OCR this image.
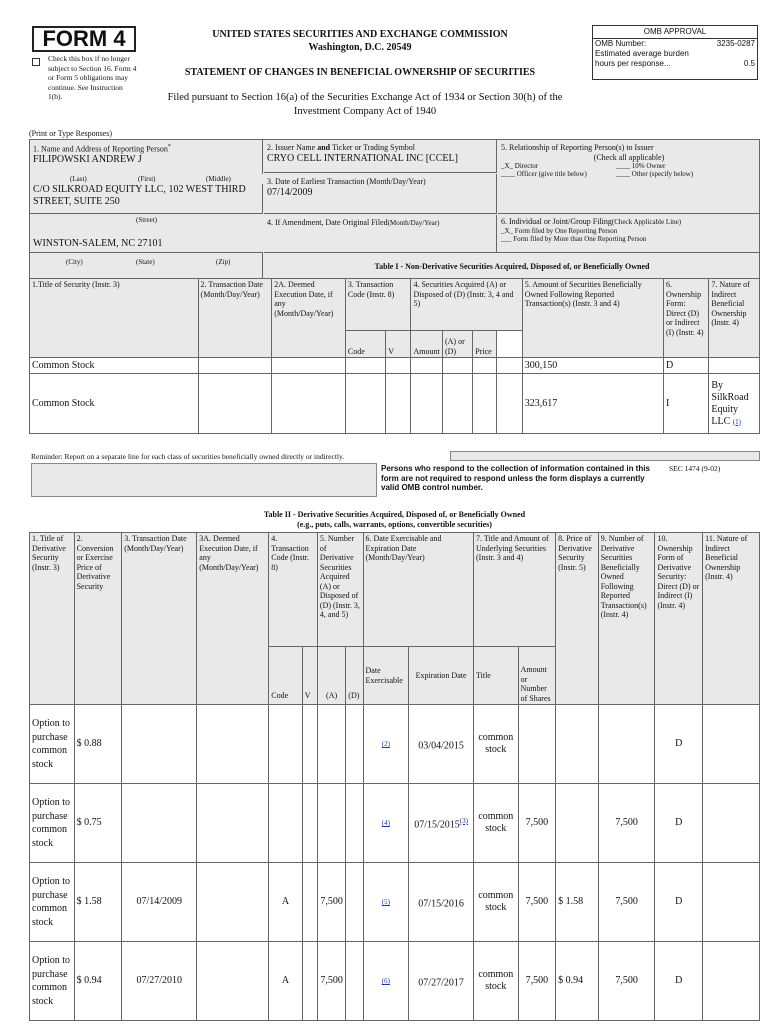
FORM 4
Check this box if no longer subject to Section 16. Form 4 or Form 5 obligations may continue. See Instruction 1(b).
UNITED STATES SECURITIES AND EXCHANGE COMMISSION
Washington, D.C. 20549
STATEMENT OF CHANGES IN BENEFICIAL OWNERSHIP OF SECURITIES
Filed pursuant to Section 16(a) of the Securities Exchange Act of 1934 or Section 30(h) of the
Investment Company Act of 1940
OMB APPROVAL
OMB Number:	3235-0287
Estimated average burden
hours per response...	0.5
(Print or Type Responses)
1. Name and Address of Reporting Person*
FILIPOWSKI ANDREW J
(Last)	(First)	(Middle)
C/O SILKROAD EQUITY LLC, 102 WEST THIRD STREET, SUITE 250
(Street)
WINSTON-SALEM, NC 27101
(City)	(State)	(Zip)
2. Issuer Name and Ticker or Trading Symbol
CRYO CELL INTERNATIONAL INC [CCEL]
3. Date of Earliest Transaction (Month/Day/Year)
07/14/2009
4. If Amendment, Date Original Filed(Month/Day/Year)
5. Relationship of Reporting Person(s) to Issuer
(Check all applicable)
_X_ Director	____ 10% Owner
____ Officer (give title below)	____ Other (specify below)
6. Individual or Joint/Group Filing(Check Applicable Line)
_X_ Form filed by One Reporting Person
___ Form filed by More than One Reporting Person
Table I - Non-Derivative Securities Acquired, Disposed of, or Beneficially Owned
1.Title of Security (Instr. 3)	2. Transaction Date (Month/Day/Year)	2A. Deemed Execution Date, if any (Month/Day/Year)	3. Transaction Code (Instr. 8)		4. Securities Acquired (A) or Disposed of (D) (Instr. 3, 4 and 5)				5. Amount of Securities Beneficially Owned Following Reported Transaction(s) (Instr. 3 and 4)	6. Ownership Form: Direct (D) or Indirect (I) (Instr. 4)	7. Nature of Indirect Beneficial Ownership (Instr. 4)
			Code	V	Amount	(A) or (D)	Price				
Common Stock									300,150	D	
Common Stock									323,617	I	By SilkRoad Equity LLC (1)
Reminder: Report on a separate line for each class of securities beneficially owned directly or indirectly.
Persons who respond to the collection of information contained in this form are not required to respond unless the form displays a currently valid OMB control number.
SEC 1474 (9-02)
Table II - Derivative Securities Acquired, Disposed of, or Beneficially Owned
(e.g., puts, calls, warrants, options, convertible securities)
1. Title of Derivative Security (Instr. 3)	2. Conversion or Exercise Price of Derivative Security	3. Transaction Date (Month/Day/Year)	3A. Deemed Execution Date, if any (Month/Day/Year)	4. Transaction Code (Instr. 8)		5. Number of Derivative Securities Acquired (A) or Disposed of (D) (Instr. 3, 4, and 5)		6. Date Exercisable and Expiration Date (Month/Day/Year)		7. Title and Amount of Underlying Securities (Instr. 3 and 4)		8. Price of Derivative Security (Instr. 5)	9. Number of Derivative Securities Beneficially Owned Following Reported Transaction(s) (Instr. 4)	10. Ownership Form of Derivative Security: Direct (D) or Indirect (I) (Instr. 4)	11. Nature of Indirect Beneficial Ownership (Instr. 4)
				Code	V	(A)	(D)	Date Exercisable	Expiration Date	Title	Amount or Number of Shares				
Option to purchase common stock	$ 0.88							(2)	03/04/2015	common stock				D	
Option to purchase common stock	$ 0.75							(4)	07/15/2015$^{(3)}$	common stock	7,500		7,500	D	
Option to purchase common stock	$ 1.58	07/14/2009		A		7,500		(5)	07/15/2016	common stock	7,500	$ 1.58	7,500	D	
Option to purchase common stock	$ 0.94	07/27/2010		A		7,500		(6)	07/27/2017	common stock	7,500	$ 0.94	7,500	D	
